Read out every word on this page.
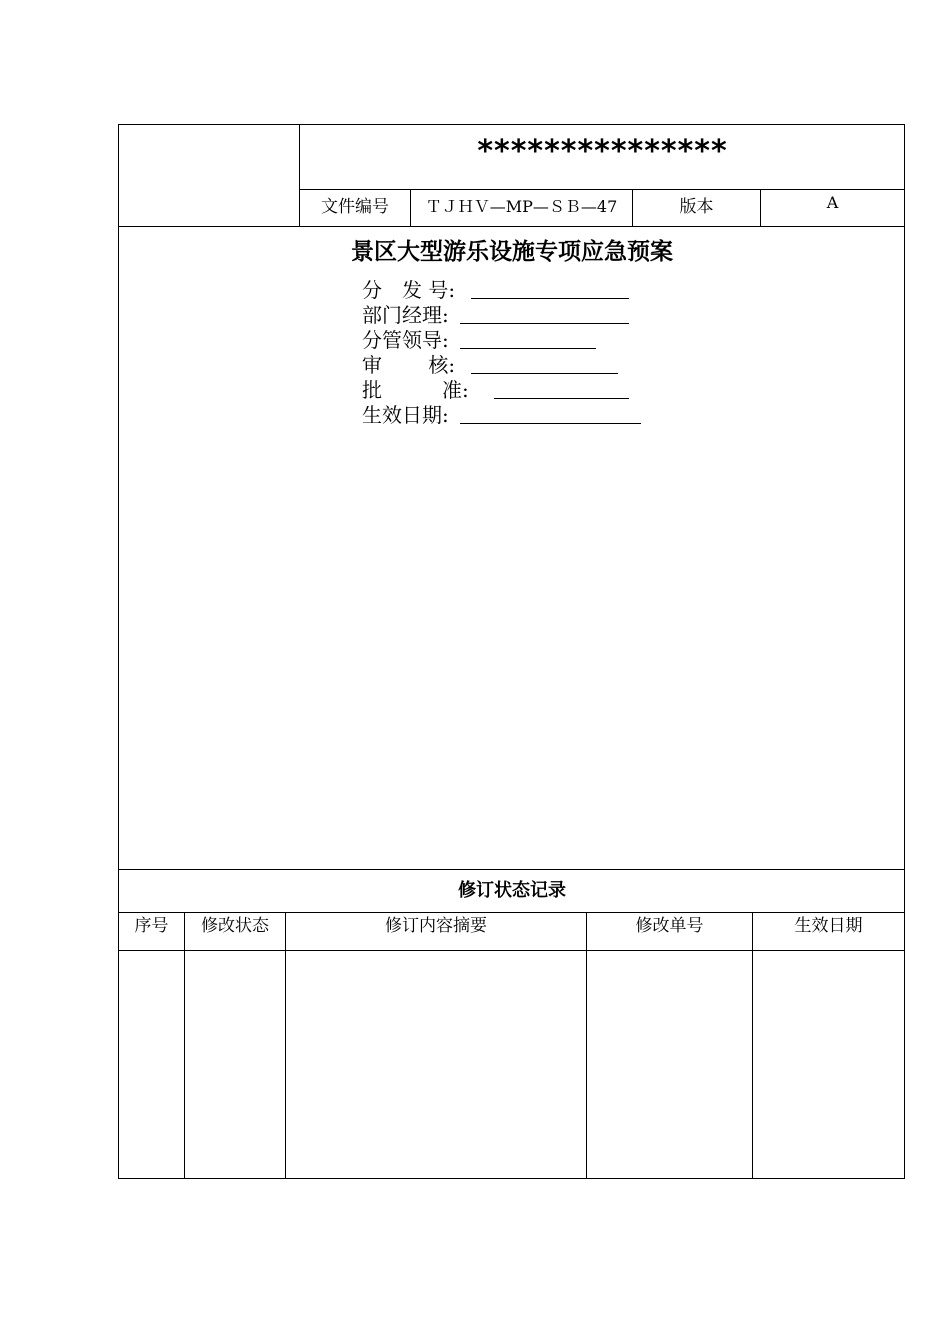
***************
文件编号	ＴＪＨＶ—MP—ＳＢ—47	版本	A
景区大型游乐设施专项应急预案
分　发 号:
部门经理:
分管领导:
审　　 核:
批　　　准:
生效日期:
修订状态记录
序号	修改状态	修订内容摘要	修改单号	生效日期
